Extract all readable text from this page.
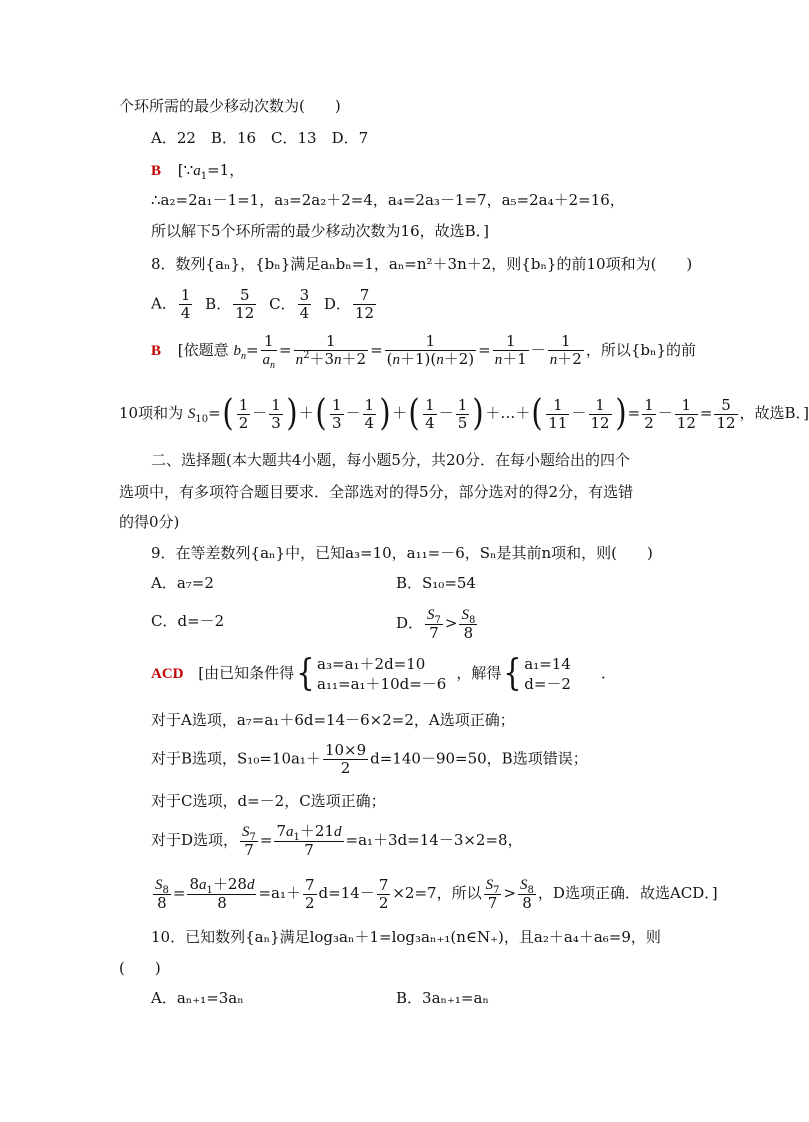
个环所需的最少移动次数为(　　)
A．22　B．16　C．13　D．7
B [$\because a_1=1$，
∴a₂=2a₁－1=1，a₃=2a₂＋2=4，a₄=2a₃－1=7，a₅=2a₄＋2=16，
所以解下5个环所需的最少移动次数为16，故选B．]
8．数列{aₙ}，{bₙ}满足aₙbₙ=1，aₙ=n²＋3n＋2，则{bₙ}的前10项和为(　　)
A． $\frac{1}{4}$ B． $\frac{5}{12}$ C． $\frac{3}{4}$ D． $\frac{7}{12}$
B [依题意 $b_n= \frac{1}{a_n} = \frac{1}{n^2+3n+2} = \frac{1}{(n+1)(n+2)} = \frac{1}{n+1} - \frac{1}{n+2}$ ，所以{bₙ}的前
10项和为 $S_{10}=( \frac{1}{2} - \frac{1}{3}$ )＋( $\frac{1}{3} - \frac{1}{4}$ )＋( $\frac{1}{4} - \frac{1}{5}$ )＋…＋( $\frac{1}{11} - \frac{1}{12}$ )= $\frac{1}{2} - \frac{1}{12} = \frac{5}{12}$ ，故选B．]
二、选择题(本大题共4小题，每小题5分，共20分．在每小题给出的四个
选项中，有多项符合题目要求．全部选对的得5分，部分选对的得2分，有选错
的得0分)
9．在等差数列{aₙ}中，已知a₃=10，a₁₁=－6，Sₙ是其前n项和，则(　　)
A．a₇=2	B．S₁₀=54
C．d=－2	D． $\frac{S_7}{7} > \frac{S_8}{8}$
ACD [由已知条件得{ a₃=a₁＋2d=10
a₁₁=a₁＋10d=－6
，解得{ a₁=14
d=－2
．
对于A选项，a₇=a₁＋6d=14－6×2=2，A选项正确；
对于B选项，$S_{10}=10a_1+ \frac{10\times 9}{2} d=140-90=50$，B选项错误；
对于C选项，d=－2，C选项正确；
对于D选项， $\frac{S_7}{7} = \frac{7a_1+21d}{7} =a_1+3d=14-3\times 2=8$，
$\frac{S_8}{8} = \frac{8a_1+28d}{8} =a_1+ \frac{7}{2} d=14- \frac{7}{2} \times 2=7$，所以 $\frac{S_7}{7} > \frac{S_8}{8}$ ，D选项正确．故选ACD．]
10．已知数列{aₙ}满足log₃aₙ＋1=log₃aₙ₊₁(n∈N₊)，且a₂＋a₄＋a₆=9，则
(　　)
A．aₙ₊₁=3aₙ	B．3aₙ₊₁=aₙ
